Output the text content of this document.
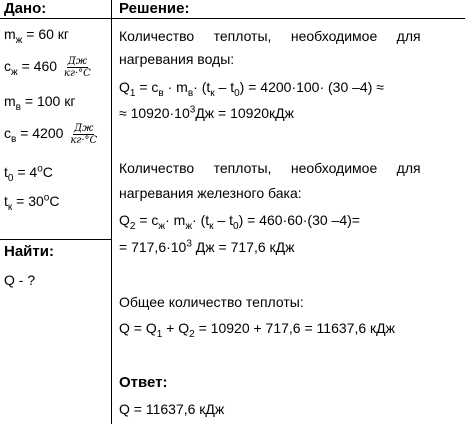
Дано:
$m_ж = 60$ кг
$c_ж = 460 \frac{Дж}{кг\cdot^\circ C}$
$m_в = 100$ кг
$c_в = 4200 \frac{Дж}{кг\cdot^\circ C}$
$t_0 = 4^oC$
$t_к = 30^oC$
Найти:
Q - ?
Решение:
Количество     теплоты,     необходимое     для
нагревания воды:
$Q_1 = c_в \cdot m_в\cdot (t_к - t_0) = 4200\cdot 100\cdot (30$ –4) ≈
≈ $10920\cdot 10^3Дж = 10920кДж$
Количество     теплоты,     необходимое     для
нагревания железного бака:
$Q_2 = c_ж\cdot m_ж\cdot (t_к - t_0) = 460\cdot 60\cdot(30$ –4)=
= $717,6\cdot 10^3$ Дж = 717,6 кДж
Общее количество теплоты:
$Q = Q_1 + Q_2 = 10920 + 717,6 = 11637,6$ кДж
Ответ:
Q = 11637,6 кДж
